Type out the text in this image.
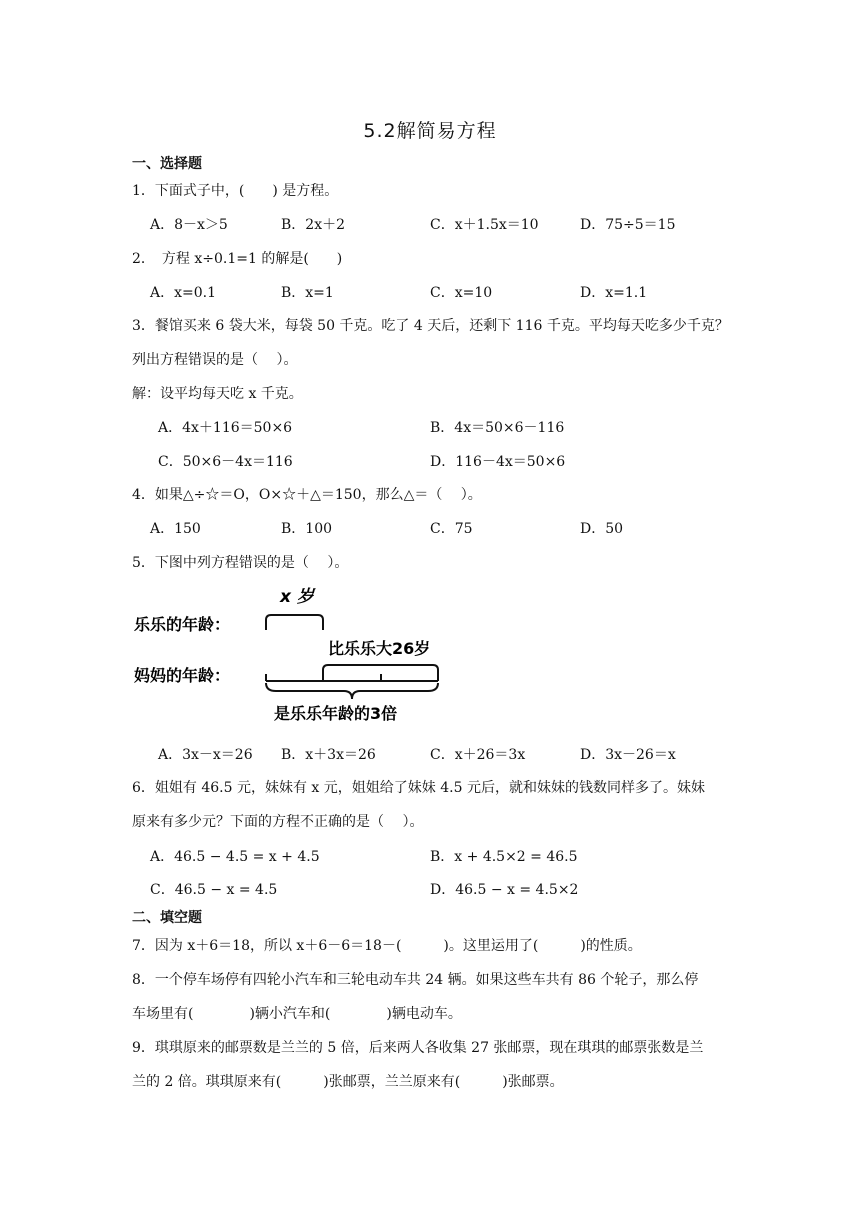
5.2解简易方程
一、选择题
1．下面式子中，(　　) 是方程。
A．8－x＞5	B．2x＋2	C．x＋1.5x＝10	D．75÷5＝15
2．　方程 x÷0.1=1 的解是(　　)
A．x=0.1	B．x=1	C．x=10	D．x=1.1
3．餐馆买来 6 袋大米，每袋 50 千克。吃了 4 天后，还剩下 116 千克。平均每天吃多少千克？
列出方程错误的是（　 ）。
解：设平均每天吃 x 千克。
A．4x＋116＝50×6	B．4x＝50×6－116
C．50×6－4x＝116	D．116－4x＝50×6
4．如果△÷☆＝O，O×☆＋△＝150，那么△＝（　 ）。
A．150	B．100	C．75	D．50
5．下图中列方程错误的是（　 ）。
x 岁
乐乐的年龄：
比乐乐大26岁
妈妈的年龄：
是乐乐年龄的3倍
A．3x－x＝26 B．x＋3x＝26	C．x＋26＝3x	D．3x－26＝x
6．姐姐有 46.5 元，妹妹有 x 元，姐姐给了妹妹 4.5 元后，就和妹妹的钱数同样多了。妹妹
原来有多少元？下面的方程不正确的是（　 ）。
A．46.5 − 4.5 = x + 4.5	B．x + 4.5×2 = 46.5
C．46.5 − x = 4.5	D．46.5 − x = 4.5×2
二、填空题
7．因为 x＋6＝18，所以 x＋6－6＝18－(　　　)。这里运用了(　　　)的性质。
8．一个停车场停有四轮小汽车和三轮电动车共 24 辆。如果这些车共有 86 个轮子，那么停
车场里有(　　　　)辆小汽车和(　　　　)辆电动车。
9．琪琪原来的邮票数是兰兰的 5 倍，后来两人各收集 27 张邮票，现在琪琪的邮票张数是兰
兰的 2 倍。琪琪原来有(　　　)张邮票，兰兰原来有(　　　)张邮票。
